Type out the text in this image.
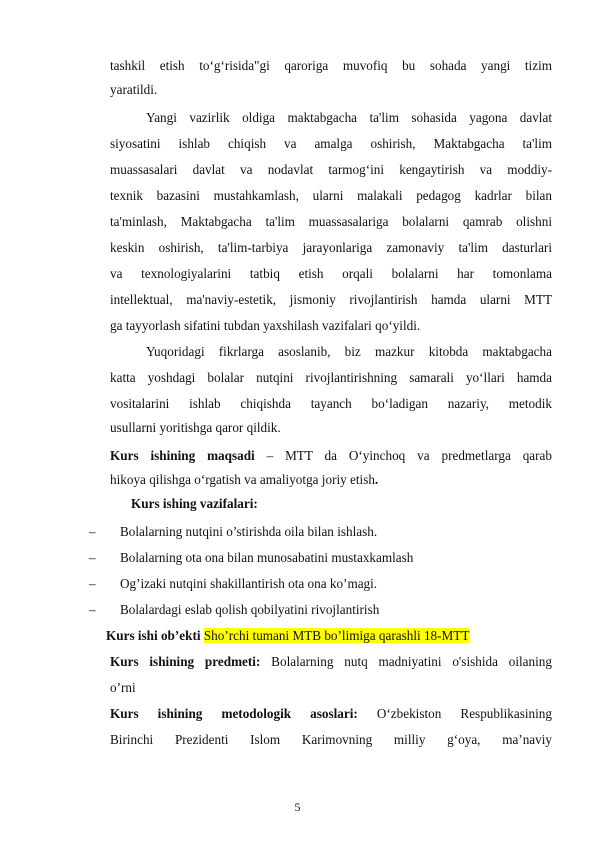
tashkil etish to‘g‘risida"gi qaroriga muvofiq bu sohada yangi tizim
yaratildi.
Yangi vazirlik oldiga maktabgacha ta'lim sohasida yagona davlat
siyosatini ishlab chiqish va amalga oshirish, Maktabgacha ta'lim
muassasalari davlat va nodavlat tarmog‘ini kengaytirish va moddiy-
texnik bazasini mustahkamlash, ularni malakali pedagog kadrlar bilan
ta'minlash, Maktabgacha ta'lim muassasalariga bolalarni qamrab olishni
keskin oshirish, ta'lim-tarbiya jarayonlariga zamonaviy ta'lim dasturlari
va texnologiyalarini tatbiq etish orqali bolalarni har tomonlama
intellektual, ma'naviy-estetik, jismoniy rivojlantirish hamda ularni MTT
ga tayyorlash sifatini tubdan yaxshilash vazifalari qo‘yildi.
Yuqoridagi fikrlarga asoslanib, biz mazkur kitobda maktabgacha
katta yoshdagi bolalar nutqini rivojlantirishning samarali yo‘llari hamda
vositalarini ishlab chiqishda tayanch bo‘ladigan nazariy, metodik
usullarni yoritishga qaror qildik.
Kurs ishining maqsadi – MTT da O‘yinchoq va predmetlarga qarab
hikoya qilishga o‘rgatish va amaliyotga joriy etish.
Kurs ishing vazifalari:
– Bolalarning nutqini o’stirishda oila bilan ishlash.
– Bolalarning ota ona bilan munosabatini mustaxkamlash
– Og’izaki nutqini shakillantirish ota ona ko’magi.
– Bolalardagi eslab qolish qobilyatini rivojlantirish
Kurs ishi ob’ekti Sho’rchi tumani MTB bo’limiga qarashli 18-MTT
Kurs ishining predmeti: Bolalarning nutq madniyatini o'sishida oilaning
o’rni
Kurs ishining metodologik asoslari: O‘zbekiston Respublikasining
Birinchi Prezidenti Islom Karimovning milliy g‘oya, ma’naviy
5
